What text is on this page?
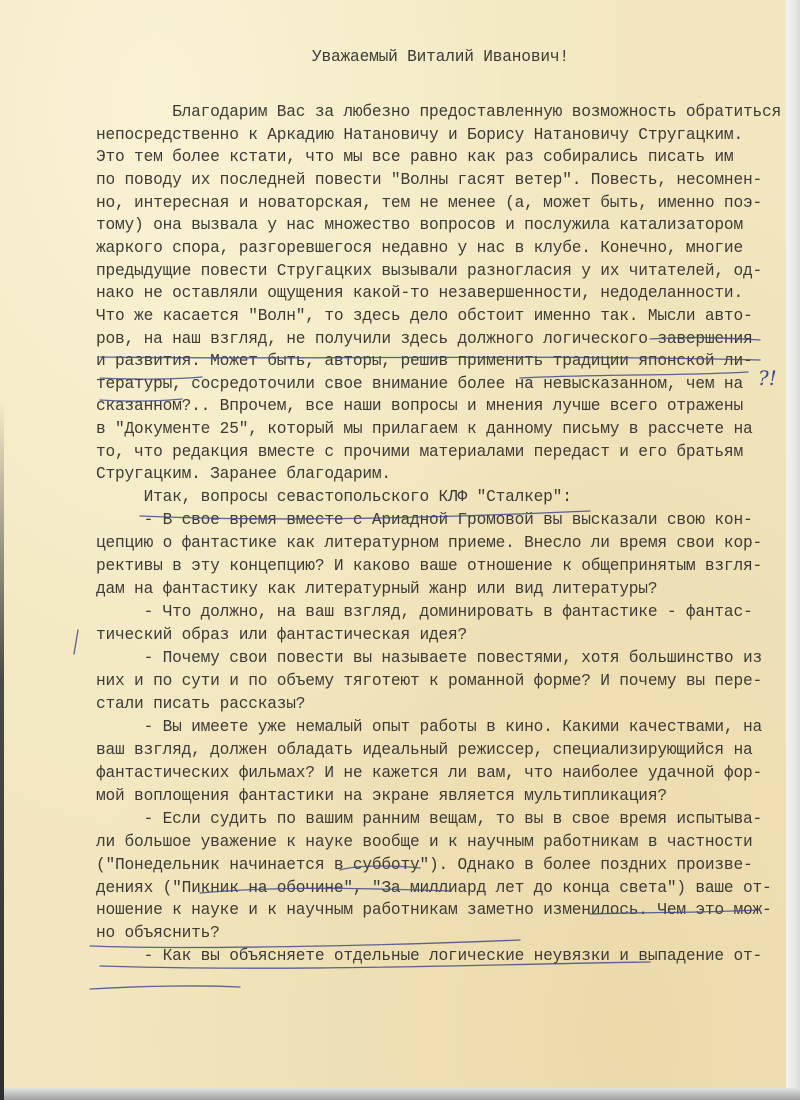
Уважаемый Виталий Иванович!
Благодарим Вас за любезно предоставленную возможность обратиться
непосредственно к Аркадию Натановичу и Борису Натановичу Стругацким.
Это тем более кстати, что мы все равно как раз собирались писать им
по поводу их последней повести "Волны гасят ветер". Повесть, несомнен-
но, интересная и новаторская, тем не менее (а, может быть, именно поэ-
тому) она вызвала у нас множество вопросов и послужила катализатором
жаркого спора, разгоревшегося недавно у нас в клубе. Конечно, многие
предыдущие повести Стругацких вызывали разногласия у их читателей, од-
нако не оставляли ощущения какой-то незавершенности, недоделанности.
Что же касается "Волн", то здесь дело обстоит именно так. Мысли авто-
ров, на наш взгляд, не получили здесь должного логического завершения
и развития. Может быть, авторы, решив применить традиции японской ли-
тературы, сосредоточили свое внимание более на невысказанном, чем на
сказанном?.. Впрочем, все наши вопросы и мнения лучше всего отражены
в "Документе 25", который мы прилагаем к данному письму в рассчете на
то, что редакция вместе с прочими материалами передаст и его братьям
Стругацким. Заранее благодарим.
Итак, вопросы севастопольского КЛФ "Сталкер":
- В свое время вместе с Ариадной Громовой вы высказали свою кон-
цепцию о фантастике как литературном приеме. Внесло ли время свои кор-
рективы в эту концепцию? И каково ваше отношение к общепринятым взгля-
дам на фантастику как литературный жанр или вид литературы?
- Что должно, на ваш взгляд, доминировать в фантастике - фантас-
тический образ или фантастическая идея?
- Почему свои повести вы называете повестями, хотя большинство из
них и по сути и по объему тяготеют к романной форме? И почему вы пере-
стали писать рассказы?
- Вы имеете уже немалый опыт работы в кино. Какими качествами, на
ваш взгляд, должен обладать идеальный режиссер, специализирующийся на
фантастических фильмах? И не кажется ли вам, что наиболее удачной фор-
мой воплощения фантастики на экране является мультипликация?
- Если судить по вашим ранним вещам, то вы в свое время испытыва-
ли большое уважение к науке вообще и к научным работникам в частности
("Понедельник начинается в субботу"). Однако в более поздних произве-
дениях ("Пикник на обочине", "За миллиард лет до конца света") ваше от-
ношение к науке и к научным работникам заметно изменилось. Чем это мож-
но объяснить?
- Как вы объясняете отдельные логические неувязки и выпадение от-
?!
